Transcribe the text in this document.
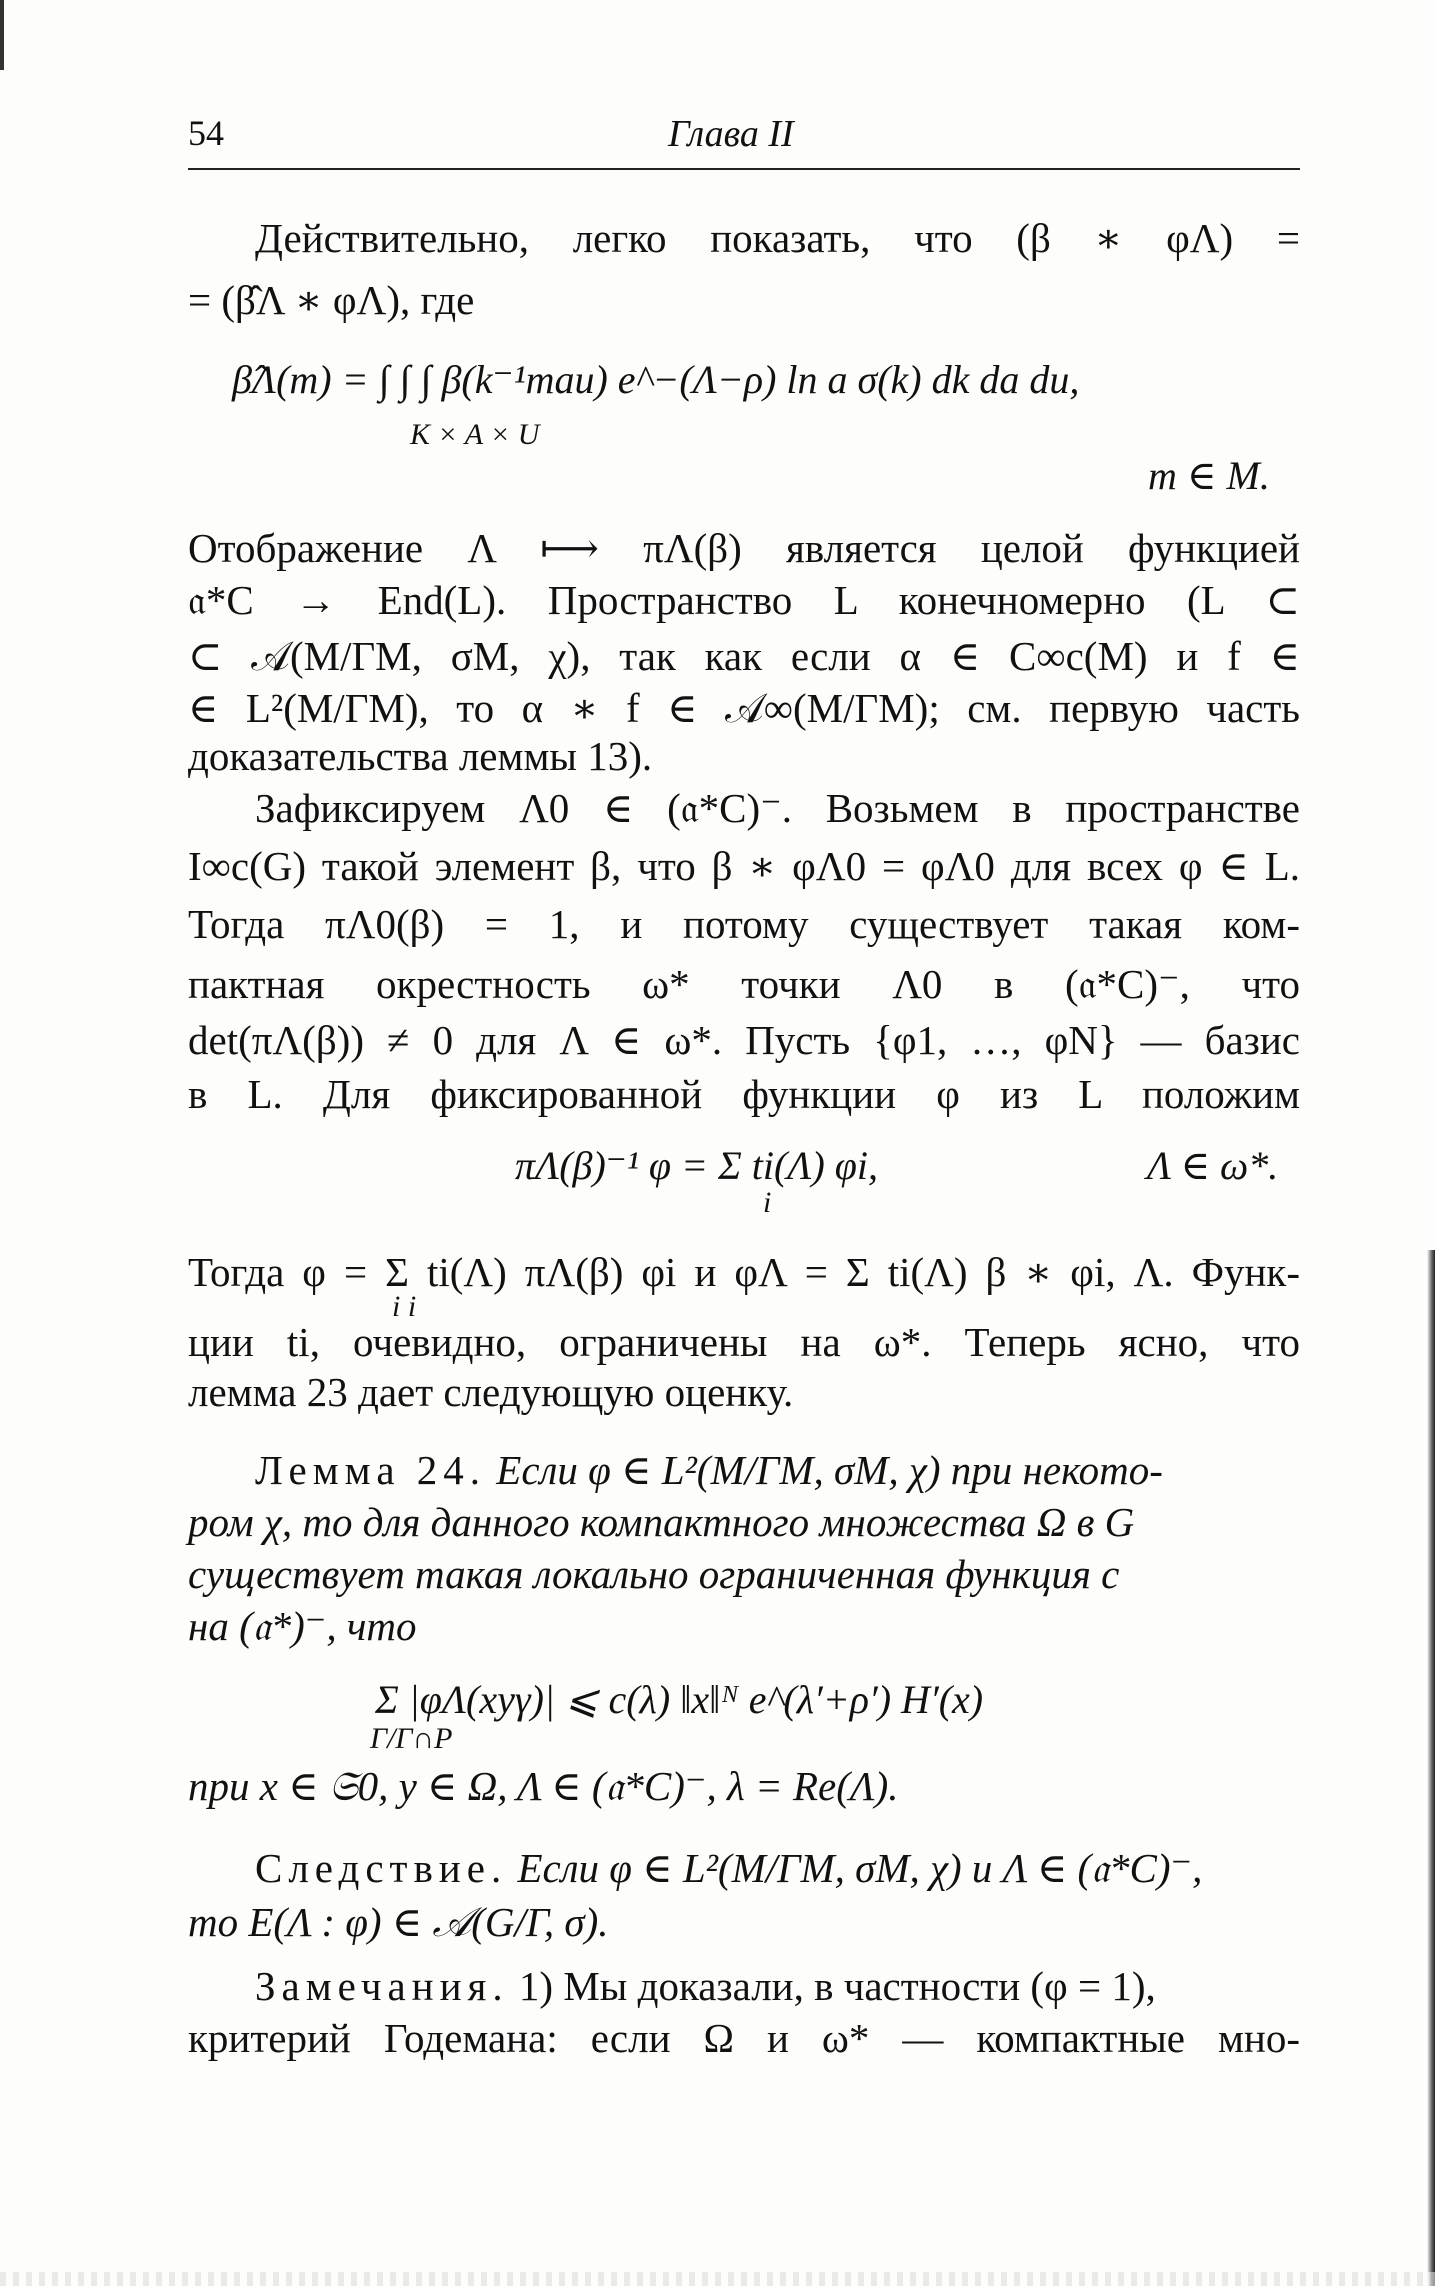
54	Глава II
Действительно, легко показать, что (β ∗ φΛ) =
= (β̂Λ ∗ φΛ), где
β̂Λ(m) = ∫ ∫ ∫ β(k⁻¹mau) e^−(Λ−ρ) ln a σ(k) dk da du,
K × A × U
m ∈ M.
Отображение Λ ⟼ πΛ(β) является целой функцией
𝔞*C → End(L). Пространство L конечномерно (L ⊂
⊂ 𝒜(M/ΓM, σM, χ), так как если α ∈ C∞c(M) и f ∈
∈ L²(M/ΓM), то α ∗ f ∈ 𝒜∞(M/ΓM); см. первую часть
доказательства леммы 13).
Зафиксируем Λ0 ∈ (𝔞*C)⁻. Возьмем в пространстве
I∞c(G) такой элемент β, что β ∗ φΛ0 = φΛ0 для всех φ ∈ L.
Тогда πΛ0(β) = 1, и потому существует такая ком-
пактная окрестность ω* точки Λ0 в (𝔞*C)⁻, что
det(πΛ(β)) ≠ 0 для Λ ∈ ω*. Пусть {φ1, …, φN} — базис
в L. Для фиксированной функции φ из L положим
πΛ(β)⁻¹ φ = Σ ti(Λ) φi,
i
Λ ∈ ω*.
Тогда φ = Σ ti(Λ) πΛ(β) φi и φΛ = Σ ti(Λ) β ∗ φi, Λ. Функ-
i i
ции ti, очевидно, ограничены на ω*. Теперь ясно, что
лемма 23 дает следующую оценку.
Лемма 24. Если φ ∈ L²(M/ΓM, σM, χ) при некото-
ром χ, то для данного компактного множества Ω в G
существует такая локально ограниченная функция c
на (𝔞*)⁻, что
Σ |φΛ(xyγ)| ⩽ c(λ) ‖x‖ᴺ e^(λ′+ρ′) H′(x)
Γ/Γ∩P
при x ∈ 𝔖0, y ∈ Ω, Λ ∈ (𝔞*C)⁻, λ = Re(Λ).
Следствие. Если φ ∈ L²(M/ΓM, σM, χ) и Λ ∈ (𝔞*C)⁻,
то E(Λ : φ) ∈ 𝒜(G/Γ, σ).
Замечания. 1) Мы доказали, в частности (φ = 1),
критерий Годемана: если Ω и ω* — компактные мно-
